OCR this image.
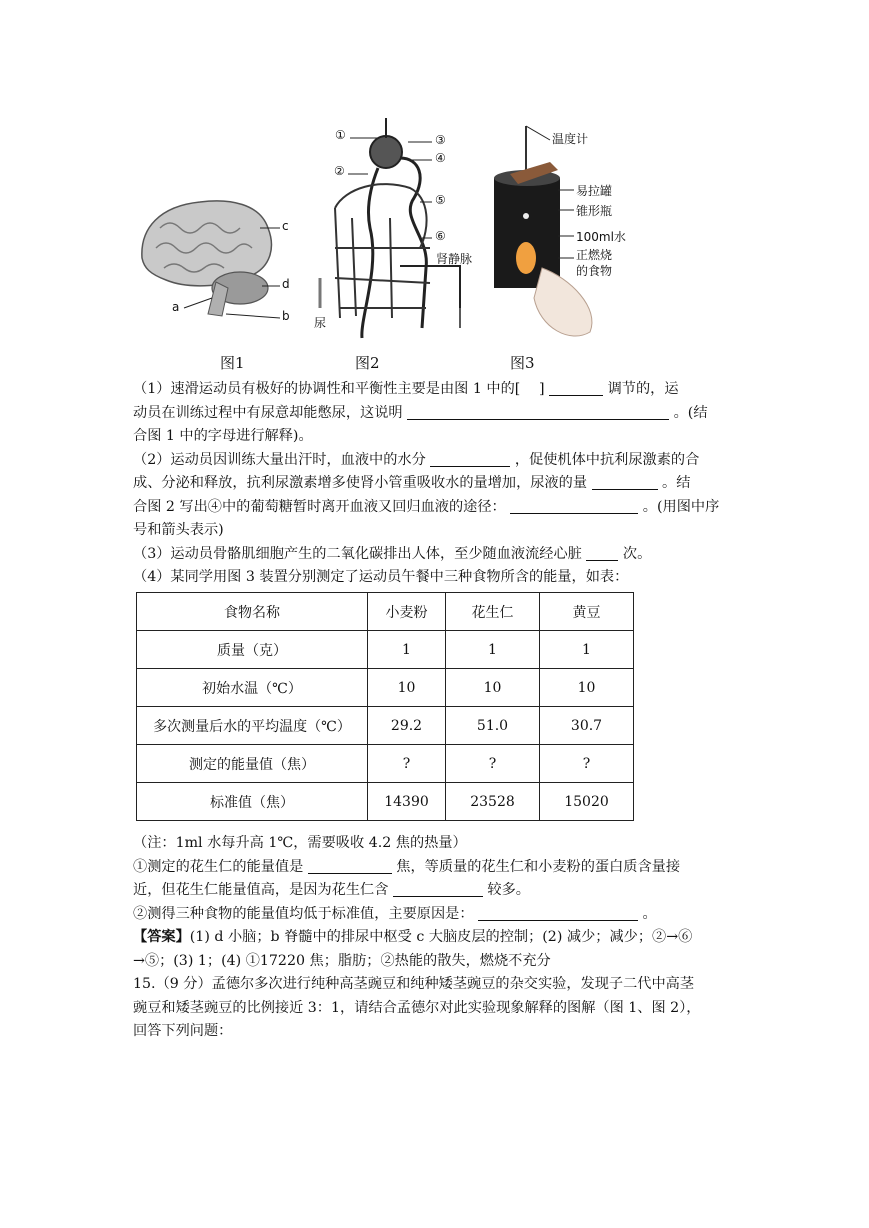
c
d
b
a
①
②
③
④
⑤
⑥
肾静脉
尿
温度计
易拉罐
锥形瓶
100ml水
正燃烧
的食物
图1	图2	图3
（1）速滑运动员有极好的协调性和平衡性主要是由图 1 中的[　 ]	调节的，运
动员在训练过程中有尿意却能憋尿，这说明	。(结
合图 1 中的字母进行解释)。
（2）运动员因训练大量出汗时，血液中的水分	，促使机体中抗利尿激素的合
成、分泌和释放，抗利尿激素增多使肾小管重吸收水的量增加，尿液的量	。结
合图 2 写出④中的葡萄糖暂时离开血液又回归血液的途径：	。(用图中序
号和箭头表示)
（3）运动员骨骼肌细胞产生的二氧化碳排出人体，至少随血液流经心脏	次。
（4）某同学用图 3 装置分别测定了运动员午餐中三种食物所含的能量，如表：
食物名称	小麦粉	花生仁	黄豆
质量（克）	1	1	1
初始水温（℃）	10	10	10
多次测量后水的平均温度（℃）	29.2	51.0	30.7
测定的能量值（焦）	?	?	?
标准值（焦）	14390	23528	15020
（注：1ml 水每升高 1℃，需要吸收 4.2 焦的热量）
①测定的花生仁的能量值是	焦，等质量的花生仁和小麦粉的蛋白质含量接
近，但花生仁能量值高，是因为花生仁含	较多。
②测得三种食物的能量值均低于标准值，主要原因是：	。
【答案】(1) d 小脑；b 脊髓中的排尿中枢受 c 大脑皮层的控制；(2) 减少；减少；②→⑥
→⑤；(3) 1；(4) ①17220 焦；脂肪；②热能的散失，燃烧不充分
15.（9 分）孟德尔多次进行纯种高茎豌豆和纯种矮茎豌豆的杂交实验，发现子二代中高茎
豌豆和矮茎豌豆的比例接近 3：1，请结合孟德尔对此实验现象解释的图解（图 1、图 2），
回答下列问题：
